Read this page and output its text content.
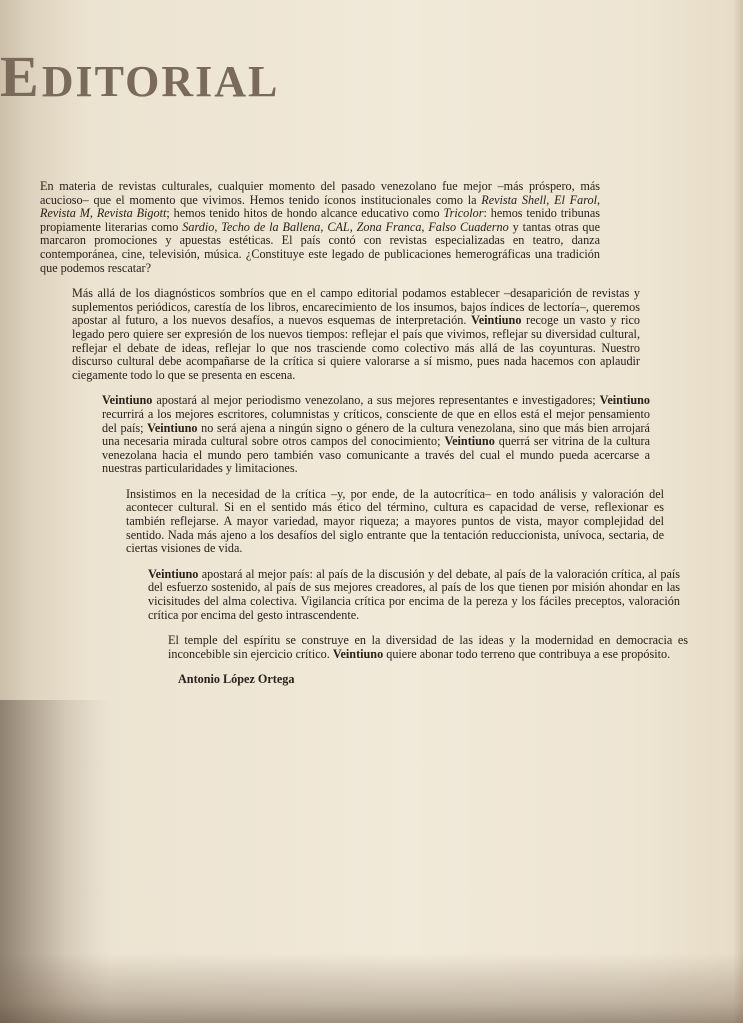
EDITORIAL

En materia de revistas culturales, cualquier momento del pasado venezolano fue mejor –más próspero, más acucioso– que el momento que vivimos. Hemos tenido íconos institucionales como la Revista Shell, El Farol, Revista M, Revista Bigott; hemos tenido hitos de hondo alcance educativo como Tricolor: hemos tenido tribunas propiamente literarias como Sardio, Techo de la Ballena, CAL, Zona Franca, Falso Cuaderno y tantas otras que marcaron promociones y apuestas estéticas. El país contó con revistas especializadas en teatro, danza contemporánea, cine, televisión, música. ¿Constituye este legado de publicaciones hemerográficas una tradición que podemos rescatar?

Más allá de los diagnósticos sombríos que en el campo editorial podamos establecer –desaparición de revistas y suplementos periódicos, carestía de los libros, encarecimiento de los insumos, bajos índices de lectoría–, queremos apostar al futuro, a los nuevos desafíos, a nuevos esquemas de interpretación. Veintiuno recoge un vasto y rico legado pero quiere ser expresión de los nuevos tiempos: reflejar el país que vivimos, reflejar su diversidad cultural, reflejar el debate de ideas, reflejar lo que nos trasciende como colectivo más allá de las coyunturas. Nuestro discurso cultural debe acompañarse de la crítica si quiere valorarse a sí mismo, pues nada hacemos con aplaudir ciegamente todo lo que se presenta en escena.

Veintiuno apostará al mejor periodismo venezolano, a sus mejores representantes e investigadores; Veintiuno recurrirá a los mejores escritores, columnistas y críticos, consciente de que en ellos está el mejor pensamiento del país; Veintiuno no será ajena a ningún signo o género de la cultura venezolana, sino que más bien arrojará una necesaria mirada cultural sobre otros campos del conocimiento; Veintiuno querrá ser vitrina de la cultura venezolana hacia el mundo pero también vaso comunicante a través del cual el mundo pueda acercarse a nuestras particularidades y limitaciones.

Insistimos en la necesidad de la crítica –y, por ende, de la autocrítica– en todo análisis y valoración del acontecer cultural. Si en el sentido más ético del término, cultura es capacidad de verse, reflexionar es también reflejarse. A mayor variedad, mayor riqueza; a mayores puntos de vista, mayor complejidad del sentido. Nada más ajeno a los desafíos del siglo entrante que la tentación reduccionista, unívoca, sectaria, de ciertas visiones de vida.

Veintiuno apostará al mejor país: al país de la discusión y del debate, al país de la valoración crítica, al país del esfuerzo sostenido, al país de sus mejores creadores, al país de los que tienen por misión ahondar en las vicisitudes del alma colectiva. Vigilancia crítica por encima de la pereza y los fáciles preceptos, valoración crítica por encima del gesto intrascendente.

El temple del espíritu se construye en la diversidad de las ideas y la modernidad en democracia es inconcebible sin ejercicio crítico. Veintiuno quiere abonar todo terreno que contribuya a ese propósito.

Antonio López Ortega
